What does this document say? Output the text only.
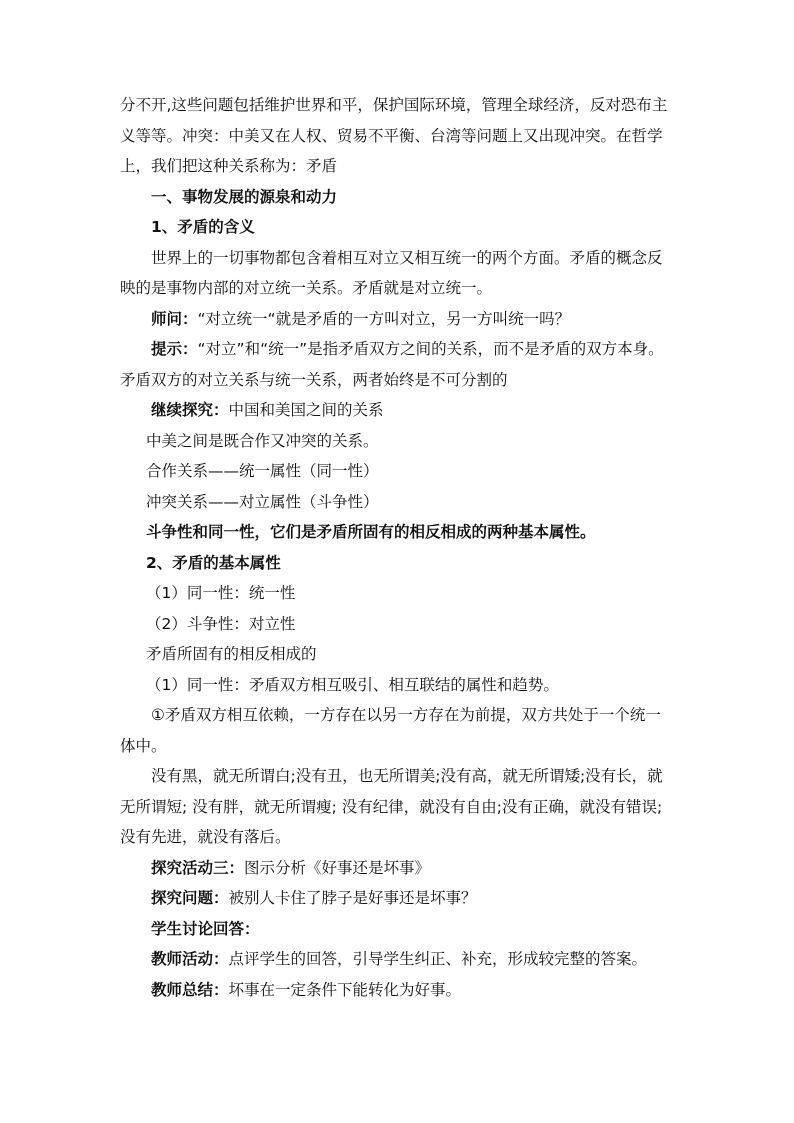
分不开,这些问题包括维护世界和平，保护国际环境，管理全球经济，反对恐布主义等等。冲突：中美又在人权、贸易不平衡、台湾等问题上又出现冲突。在哲学上，我们把这种关系称为：矛盾

一、事物发展的源泉和动力

1、矛盾的含义

世界上的一切事物都包含着相互对立又相互统一的两个方面。矛盾的概念反映的是事物内部的对立统一关系。矛盾就是对立统一。

师问：“对立统一“就是矛盾的一方叫对立，另一方叫统一吗？

提示：“对立”和“统一”是指矛盾双方之间的关系，而不是矛盾的双方本身。矛盾双方的对立关系与统一关系，两者始终是不可分割的

继续探究：中国和美国之间的关系

中美之间是既合作又冲突的关系。

合作关系——统一属性（同一性）

冲突关系——对立属性（斗争性）

斗争性和同一性，它们是矛盾所固有的相反相成的两种基本属性。

2、矛盾的基本属性

（1）同一性：统一性

（2）斗争性：对立性

矛盾所固有的相反相成的

（1）同一性：矛盾双方相互吸引、相互联结的属性和趋势。

①矛盾双方相互依赖，一方存在以另一方存在为前提，双方共处于一个统一体中。

没有黑，就无所谓白;没有丑，也无所谓美;没有高，就无所谓矮;没有长，就无所谓短; 没有胖，就无所谓瘦; 没有纪律，就没有自由;没有正确，就没有错误;没有先进，就没有落后。

探究活动三：图示分析《好事还是坏事》

探究问题：被别人卡住了脖子是好事还是坏事？

学生讨论回答：

教师活动：点评学生的回答，引导学生纠正、补充，形成较完整的答案。

教师总结：坏事在一定条件下能转化为好事。
